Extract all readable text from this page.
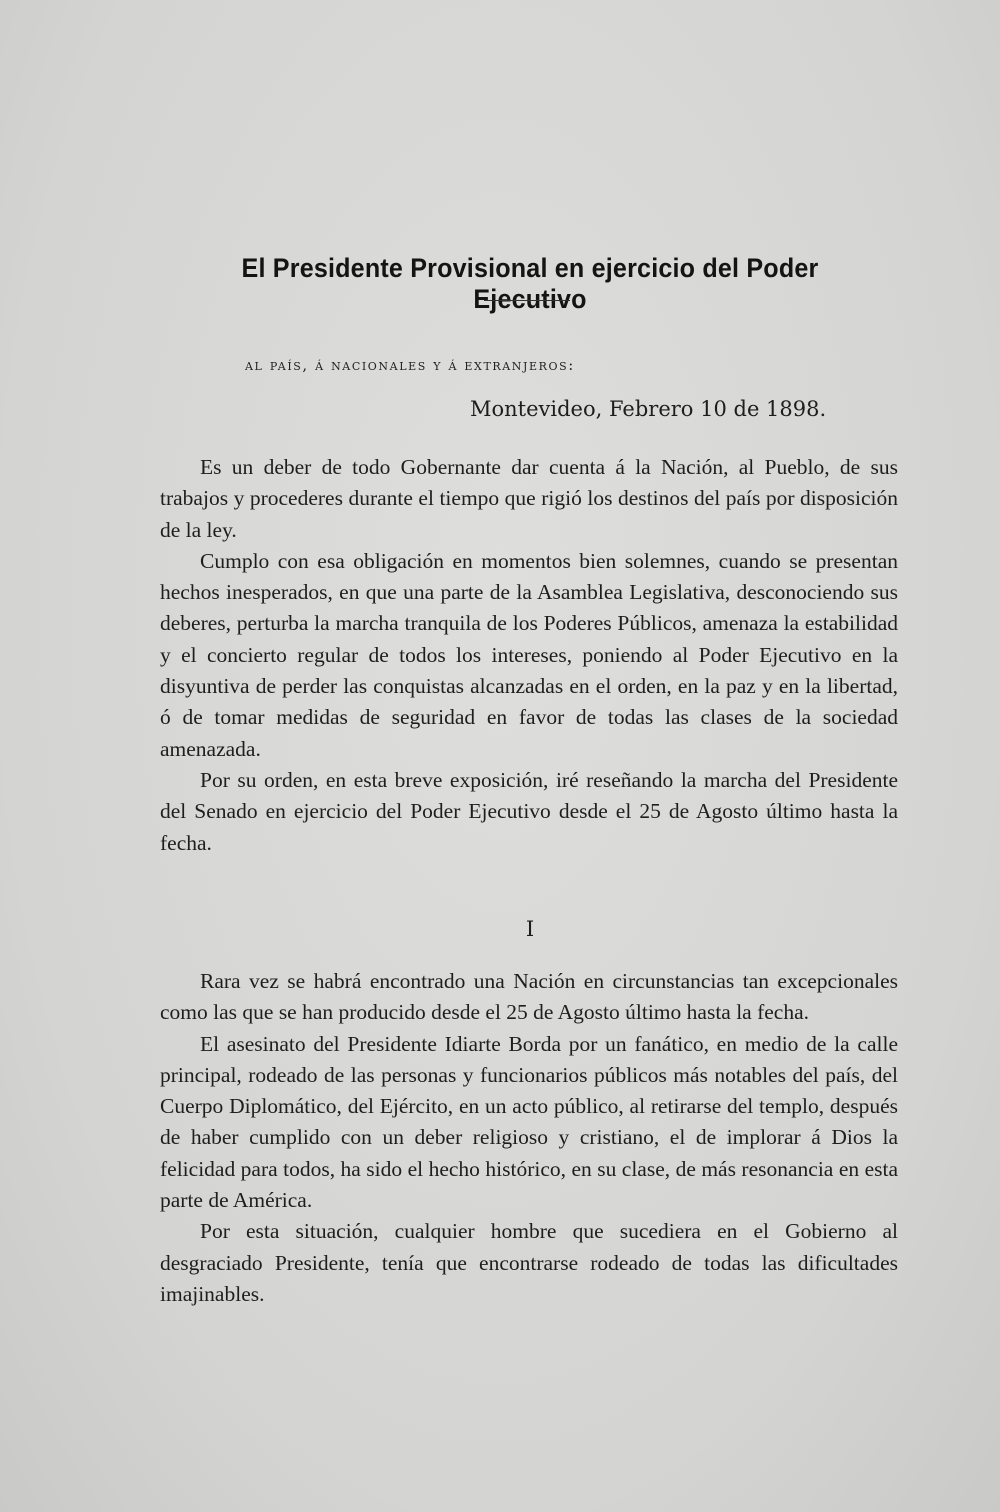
El Presidente Provisional en ejercicio del Poder Ejecutivo
al país, á nacionales y á extranjeros:
Montevideo, Febrero 10 de 1898.

Es un deber de todo Gobernante dar cuenta á la Nación, al Pueblo, de sus trabajos y procederes durante el tiempo que rigió los destinos del país por disposición de la ley.

Cumplo con esa obligación en momentos bien solemnes, cuando se presentan hechos inesperados, en que una parte de la Asamblea Legislativa, desconociendo sus deberes, perturba la marcha tranquila de los Poderes Públicos, amenaza la estabilidad y el concierto regular de todos los intereses, poniendo al Poder Ejecutivo en la disyuntiva de perder las conquistas alcanzadas en el orden, en la paz y en la libertad, ó de tomar medidas de seguridad en favor de todas las clases de la sociedad amenazada.

Por su orden, en esta breve exposición, iré reseñando la marcha del Presidente del Senado en ejercicio del Poder Ejecutivo desde el 25 de Agosto último hasta la fecha.

I

Rara vez se habrá encontrado una Nación en circunstancias tan excepcionales como las que se han producido desde el 25 de Agosto último hasta la fecha.

El asesinato del Presidente Idiarte Borda por un fanático, en medio de la calle principal, rodeado de las personas y funcionarios públicos más notables del país, del Cuerpo Diplomático, del Ejército, en un acto público, al retirarse del templo, después de haber cumplido con un deber religioso y cristiano, el de implorar á Dios la felicidad para todos, ha sido el hecho histórico, en su clase, de más resonancia en esta parte de América.

Por esta situación, cualquier hombre que sucediera en el Gobierno al desgraciado Presidente, tenía que encontrarse rodeado de todas las dificultades imajinables.
